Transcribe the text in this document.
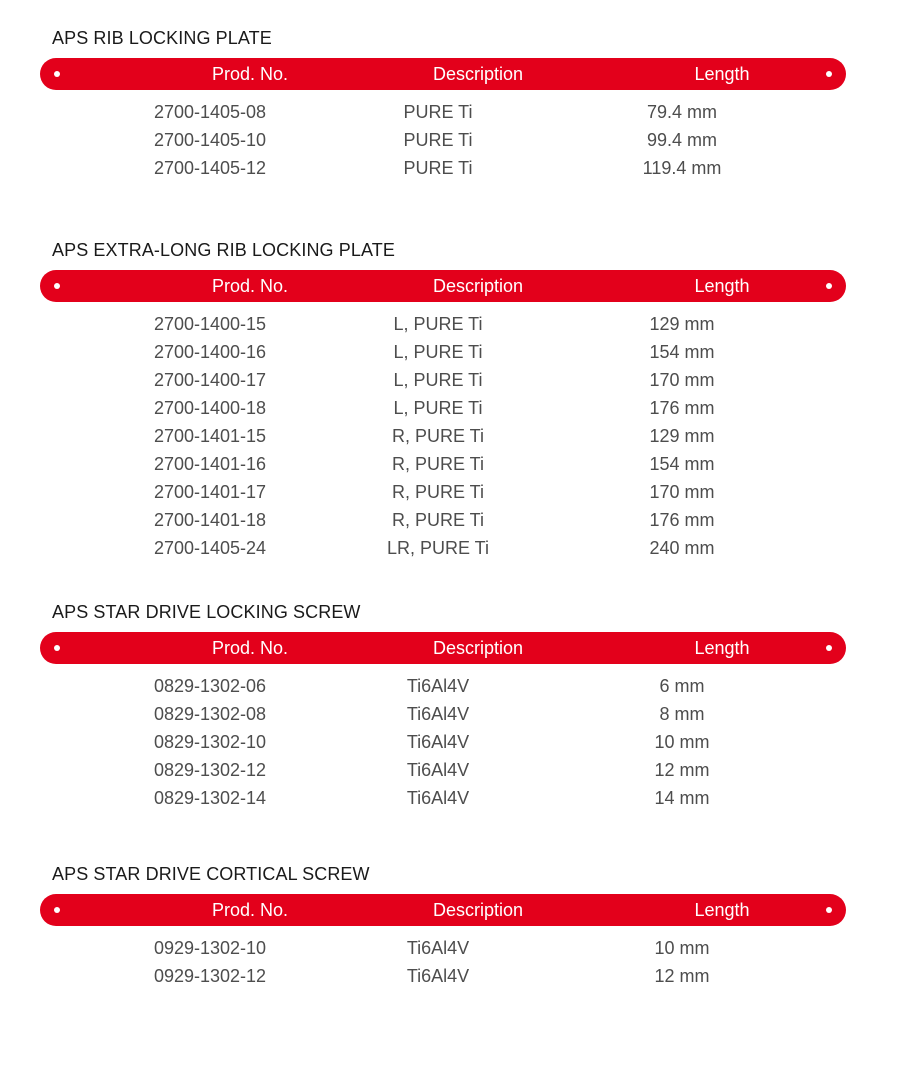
APS RIB LOCKING PLATE
Prod. No.	Description	Length
2700-1405-08	PURE Ti	79.4 mm
2700-1405-10	PURE Ti	99.4 mm
2700-1405-12	PURE Ti	119.4 mm
APS EXTRA-LONG RIB LOCKING PLATE
Prod. No.	Description	Length
2700-1400-15	L, PURE Ti	129 mm
2700-1400-16	L, PURE Ti	154 mm
2700-1400-17	L, PURE Ti	170 mm
2700-1400-18	L, PURE Ti	176 mm
2700-1401-15	R, PURE Ti	129 mm
2700-1401-16	R, PURE Ti	154 mm
2700-1401-17	R, PURE Ti	170 mm
2700-1401-18	R, PURE Ti	176 mm
2700-1405-24	LR, PURE Ti	240 mm
APS STAR DRIVE LOCKING SCREW
Prod. No.	Description	Length
0829-1302-06	Ti6Al4V	6 mm
0829-1302-08	Ti6Al4V	8 mm
0829-1302-10	Ti6Al4V	10 mm
0829-1302-12	Ti6Al4V	12 mm
0829-1302-14	Ti6Al4V	14 mm
APS STAR DRIVE CORTICAL SCREW
Prod. No.	Description	Length
0929-1302-10	Ti6Al4V	10 mm
0929-1302-12	Ti6Al4V	12 mm
